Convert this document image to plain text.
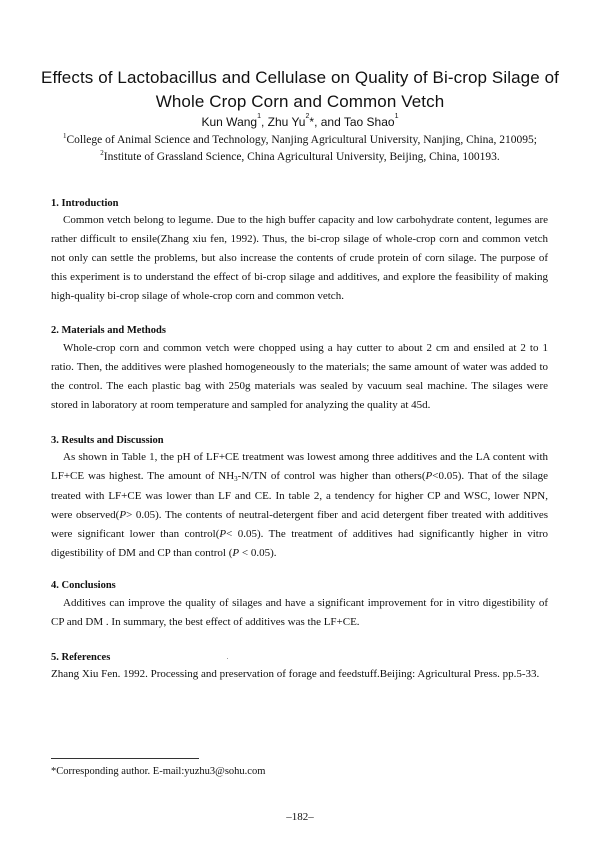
Effects of Lactobacillus and Cellulase on Quality of Bi-crop Silage of
Whole Crop Corn and Common Vetch
Kun Wang$^1$, Zhu Yu$^2$*, and Tao Shao$^1$
$^1$College of Animal Science and Technology, Nanjing Agricultural University, Nanjing, China, 210095;
$^2$Institute of Grassland Science, China Agricultural University, Beijing, China, 100193.
1. Introduction

Common vetch belong to legume. Due to the high buffer capacity and low carbohydrate content, legumes are rather difficult to ensile(Zhang xiu fen, 1992). Thus, the bi-crop silage of whole-crop corn and common vetch not only can settle the problems, but also increase the contents of crude protein of corn silage. The purpose of this experiment is to understand the effect of bi-crop silage and additives, and explore the feasibility of making high-quality bi-crop silage of whole-crop corn and common vetch.

2. Materials and Methods

Whole-crop corn and common vetch were chopped using a hay cutter to about 2 cm and ensiled at 2 to 1 ratio. Then, the additives were plashed homogeneously to the materials; the same amount of water was added to the control. The each plastic bag with 250g materials was sealed by vacuum seal machine. The silages were stored in laboratory at room temperature and sampled for analyzing the quality at 45d.

3. Results and Discussion

As shown in Table 1, the pH of LF+CE treatment was lowest among three additives and the LA content with LF+CE was highest. The amount of $NH_3-N/TN$ of control was higher than others(P<0.05). That of the silage treated with LF+CE was lower than LF and CE. In table 2, a tendency for higher CP and WSC, lower NPN, were observed(P> 0.05). The contents of neutral-detergent fiber and acid detergent fiber treated with additives were significant lower than control(P< 0.05). The treatment of additives had significantly higher in vitro digestibility of DM and CP than control (P < 0.05).

4. Conclusions

Additives can improve the quality of silages and have a significant improvement for in vitro digestibility of CP and DM . In summary, the best effect of additives was the LF+CE.

5. References

Zhang Xiu Fen. 1992. Processing and preservation of forage and feedstuff.Beijing: Agricultural Press. pp.5-33.

*Corresponding author. E-mail:yuzhu3@sohu.com
–182–
